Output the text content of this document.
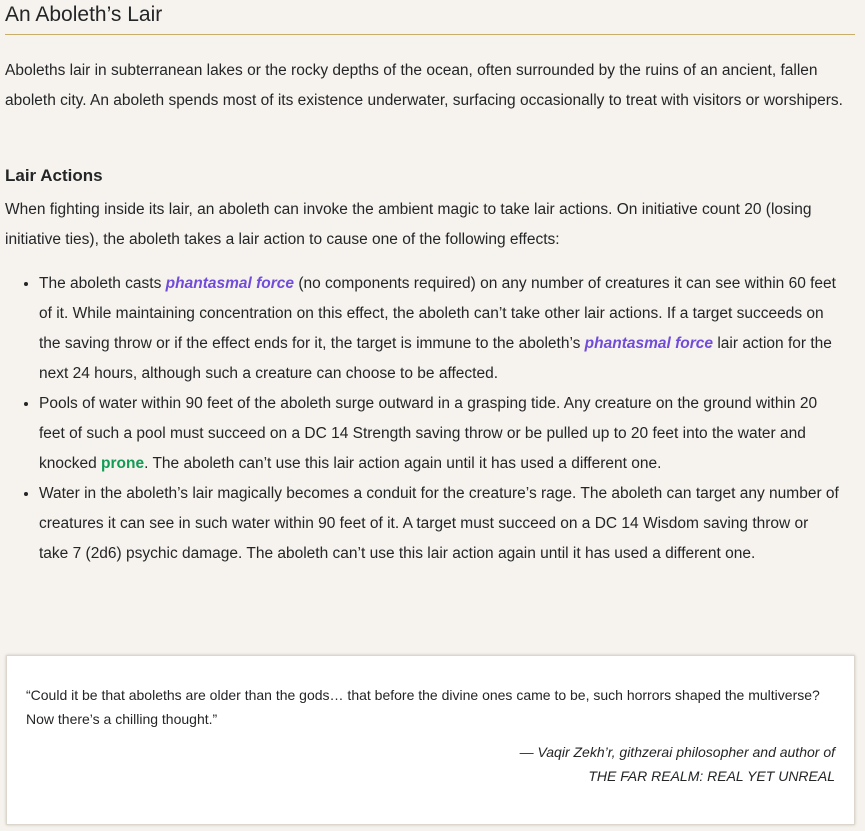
An Aboleth’s Lair

Aboleths lair in subterranean lakes or the rocky depths of the ocean, often surrounded by the ruins of an ancient, fallen aboleth city. An aboleth spends most of its existence underwater, surfacing occasionally to treat with visitors or worshipers.

Lair Actions

When fighting inside its lair, an aboleth can invoke the ambient magic to take lair actions. On initiative count 20 (losing initiative ties), the aboleth takes a lair action to cause one of the following effects:

• The aboleth casts phantasmal force (no components required) on any number of creatures it can see within 60 feet of it. While maintaining concentration on this effect, the aboleth can’t take other lair actions. If a target succeeds on the saving throw or if the effect ends for it, the target is immune to the aboleth’s phantasmal force lair action for the next 24 hours, although such a creature can choose to be affected.
• Pools of water within 90 feet of the aboleth surge outward in a grasping tide. Any creature on the ground within 20 feet of such a pool must succeed on a DC 14 Strength saving throw or be pulled up to 20 feet into the water and knocked prone. The aboleth can’t use this lair action again until it has used a different one.
• Water in the aboleth’s lair magically becomes a conduit for the creature’s rage. The aboleth can target any number of creatures it can see in such water within 90 feet of it. A target must succeed on a DC 14 Wisdom saving throw or take 7 (2d6) psychic damage. The aboleth can’t use this lair action again until it has used a different one.

“Could it be that aboleths are older than the gods… that before the divine ones came to be, such horrors shaped the multiverse? Now there’s a chilling thought.”

— Vaqir Zekh’r, githzerai philosopher and author of
THE FAR REALM: REAL YET UNREAL
